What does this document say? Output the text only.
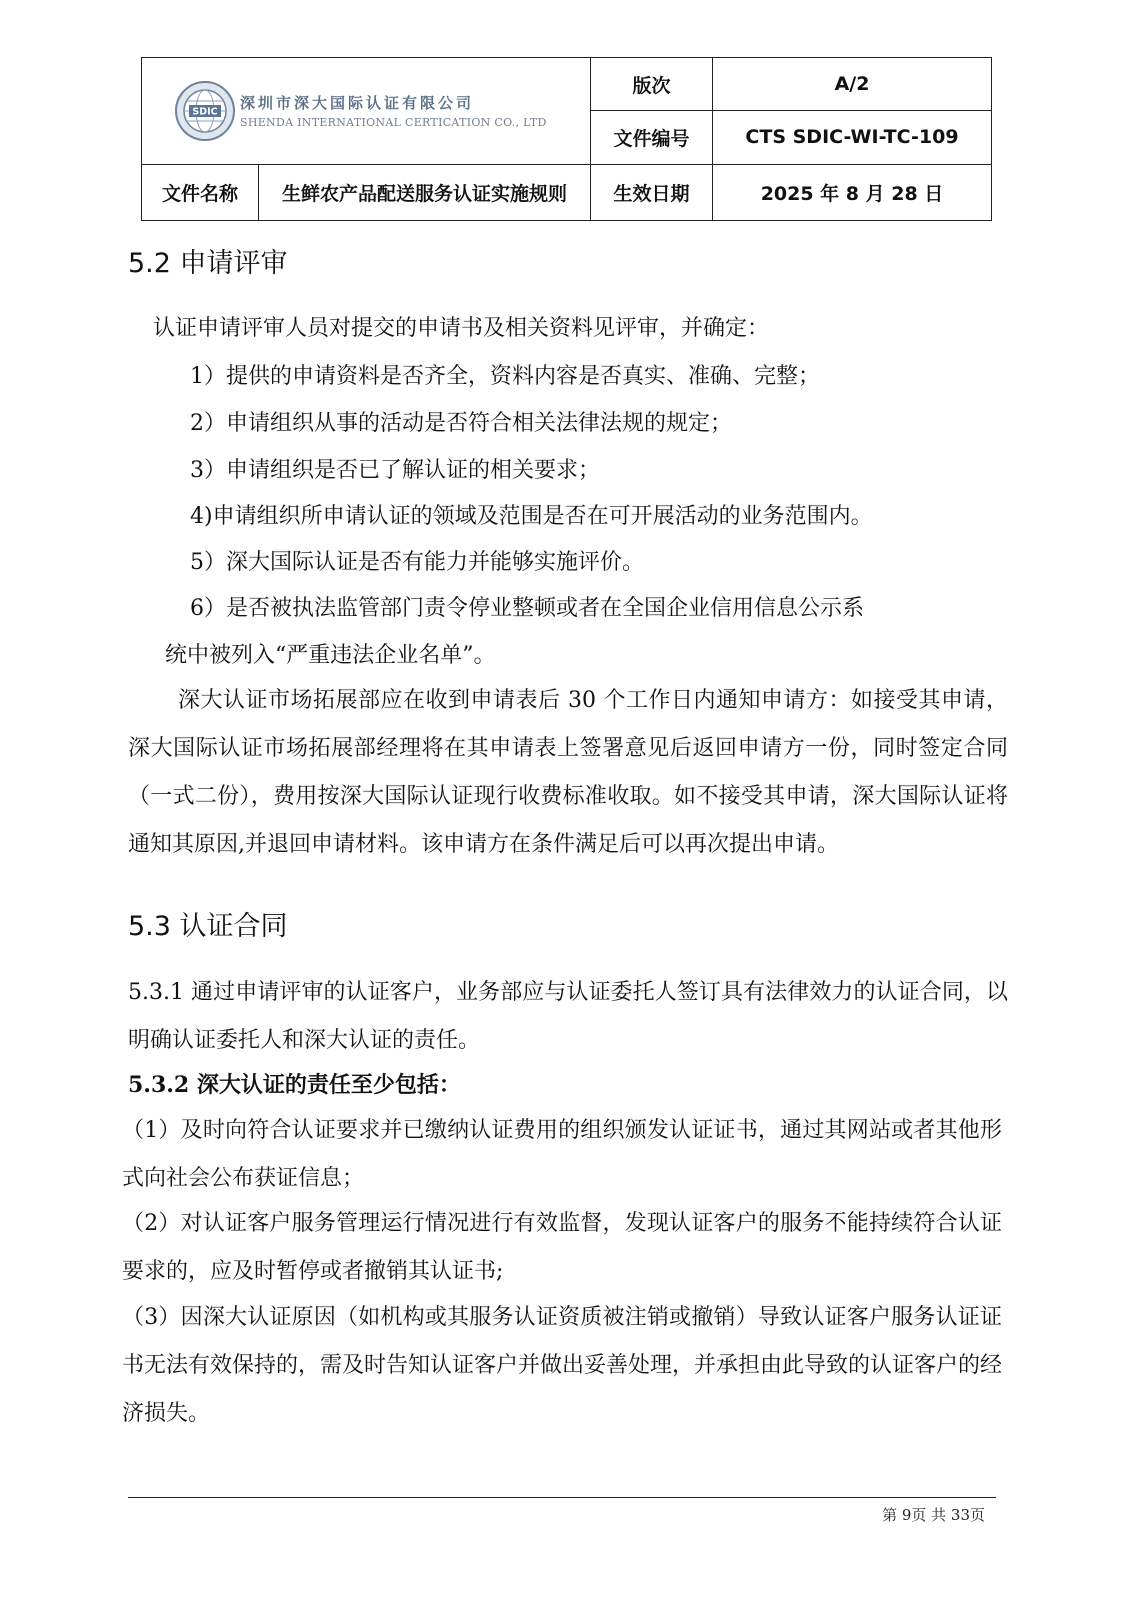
SDIC 深圳市深大国际认证有限公司
SHENDA INTERNATIONAL CERTICATION CO., LTD		版次	A/2
		文件编号	CTS SDIC-WI-TC-109
文件名称	生鲜农产品配送服务认证实施规则	生效日期	2025 年 8 月 28 日
5.2 申请评审
认证申请评审人员对提交的申请书及相关资料见评审，并确定：
1）提供的申请资料是否齐全，资料内容是否真实、准确、完整；
2）申请组织从事的活动是否符合相关法律法规的规定；
3）申请组织是否已了解认证的相关要求；
4)申请组织所申请认证的领域及范围是否在可开展活动的业务范围内。
5）深大国际认证是否有能力并能够实施评价。
6）是否被执法监管部门责令停业整顿或者在全国企业信用信息公示系
统中被列入“严重违法企业名单”。
深大认证市场拓展部应在收到申请表后 30 个工作日内通知申请方：如接受其申请，深大国际认证市场拓展部经理将在其申请表上签署意见后返回申请方一份，同时签定合同（一式二份），费用按深大国际认证现行收费标准收取。如不接受其申请，深大国际认证将通知其原因,并退回申请材料。该申请方在条件满足后可以再次提出申请。
5.3 认证合同
5.3.1 通过申请评审的认证客户，业务部应与认证委托人签订具有法律效力的认证合同，以明确认证委托人和深大认证的责任。
5.3.2 深大认证的责任至少包括：
（1）及时向符合认证要求并已缴纳认证费用的组织颁发认证证书，通过其网站或者其他形式向社会公布获证信息；
（2）对认证客户服务管理运行情况进行有效监督，发现认证客户的服务不能持续符合认证要求的，应及时暂停或者撤销其认证书;
（3）因深大认证原因（如机构或其服务认证资质被注销或撤销）导致认证客户服务认证证书无法有效保持的，需及时告知认证客户并做出妥善处理，并承担由此导致的认证客户的经济损失。
第 9页 共 33页
